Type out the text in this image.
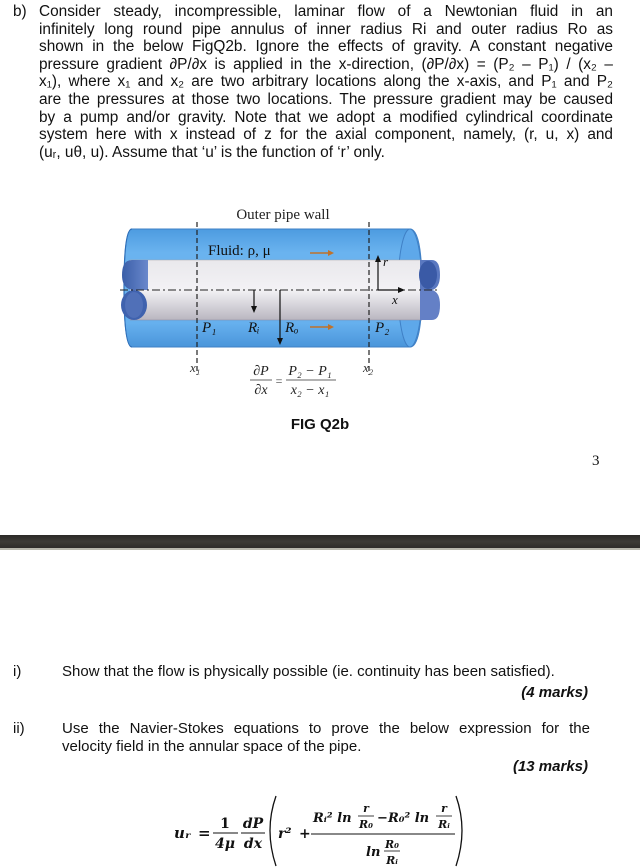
b) Consider steady, incompressible, laminar flow of a Newtonian fluid in an
infinitely long round pipe annulus of inner radius Ri and outer radius Ro as
shown in the below FigQ2b. Ignore the effects of gravity. A constant negative
pressure gradient ∂P/∂x is applied in the x-direction, (∂P/∂x) = (P₂ – P₁) / (x₂ –
x₁), where x₁ and x₂ are two arbitrary locations along the x-axis, and P₁ and P₂
are the pressures at those two locations. The pressure gradient may be caused
by a pump and/or gravity. Note that we adopt a modified cylindrical coordinate
system here with x instead of z for the axial component, namely, (r, u, x) and
(uᵣ, uθ, u). Assume that ‘u’ is the function of ‘r’ only.
Outer pipe wall
Fluid: ρ, μ
r
x
P₁ Rᵢ Rₒ	P₂
x₁	x₂
∂P
∂x
=
P₂ − P₁
x₂ − x₁
FIG Q2b
3
i)	Show that the flow is physically possible (ie. continuity has been satisfied).
(4 marks)
ii) Use the Navier-Stokes equations to prove the below expression for the
velocity field in the annular space of the pipe.
(13 marks)
uᵣ = 1
4μ
dP
dx
r² +
Rᵢ² ln
r
R₀ − R₀² ln
r
Rᵢ
ln
R₀
Rᵢ
